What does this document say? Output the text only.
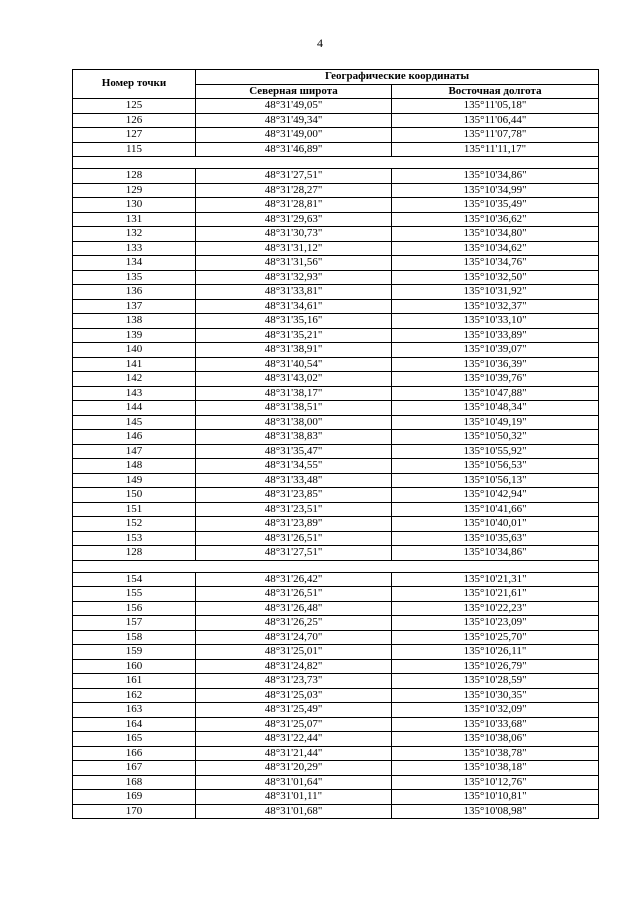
4
Номер точки	Географические координаты	
	Северная широта	Восточная долгота
125	48°31'49,05"	135°11'05,18"
126	48°31'49,34"	135°11'06,44"
127	48°31'49,00"	135°11'07,78"
115	48°31'46,89"	135°11'11,17"

128	48°31'27,51"	135°10'34,86"
129	48°31'28,27"	135°10'34,99"
130	48°31'28,81"	135°10'35,49"
131	48°31'29,63"	135°10'36,62"
132	48°31'30,73"	135°10'34,80"
133	48°31'31,12"	135°10'34,62"
134	48°31'31,56"	135°10'34,76"
135	48°31'32,93"	135°10'32,50"
136	48°31'33,81"	135°10'31,92"
137	48°31'34,61"	135°10'32,37"
138	48°31'35,16"	135°10'33,10"
139	48°31'35,21"	135°10'33,89"
140	48°31'38,91"	135°10'39,07"
141	48°31'40,54"	135°10'36,39"
142	48°31'43,02"	135°10'39,76"
143	48°31'38,17"	135°10'47,88"
144	48°31'38,51"	135°10'48,34"
145	48°31'38,00"	135°10'49,19"
146	48°31'38,83"	135°10'50,32"
147	48°31'35,47"	135°10'55,92"
148	48°31'34,55"	135°10'56,53"
149	48°31'33,48"	135°10'56,13"
150	48°31'23,85"	135°10'42,94"
151	48°31'23,51"	135°10'41,66"
152	48°31'23,89"	135°10'40,01"
153	48°31'26,51"	135°10'35,63"
128	48°31'27,51"	135°10'34,86"

154	48°31'26,42"	135°10'21,31"
155	48°31'26,51"	135°10'21,61"
156	48°31'26,48"	135°10'22,23"
157	48°31'26,25"	135°10'23,09"
158	48°31'24,70"	135°10'25,70"
159	48°31'25,01"	135°10'26,11"
160	48°31'24,82"	135°10'26,79"
161	48°31'23,73"	135°10'28,59"
162	48°31'25,03"	135°10'30,35"
163	48°31'25,49"	135°10'32,09"
164	48°31'25,07"	135°10'33,68"
165	48°31'22,44"	135°10'38,06"
166	48°31'21,44"	135°10'38,78"
167	48°31'20,29"	135°10'38,18"
168	48°31'01,64"	135°10'12,76"
169	48°31'01,11"	135°10'10,81"
170	48°31'01,68"	135°10'08,98"
